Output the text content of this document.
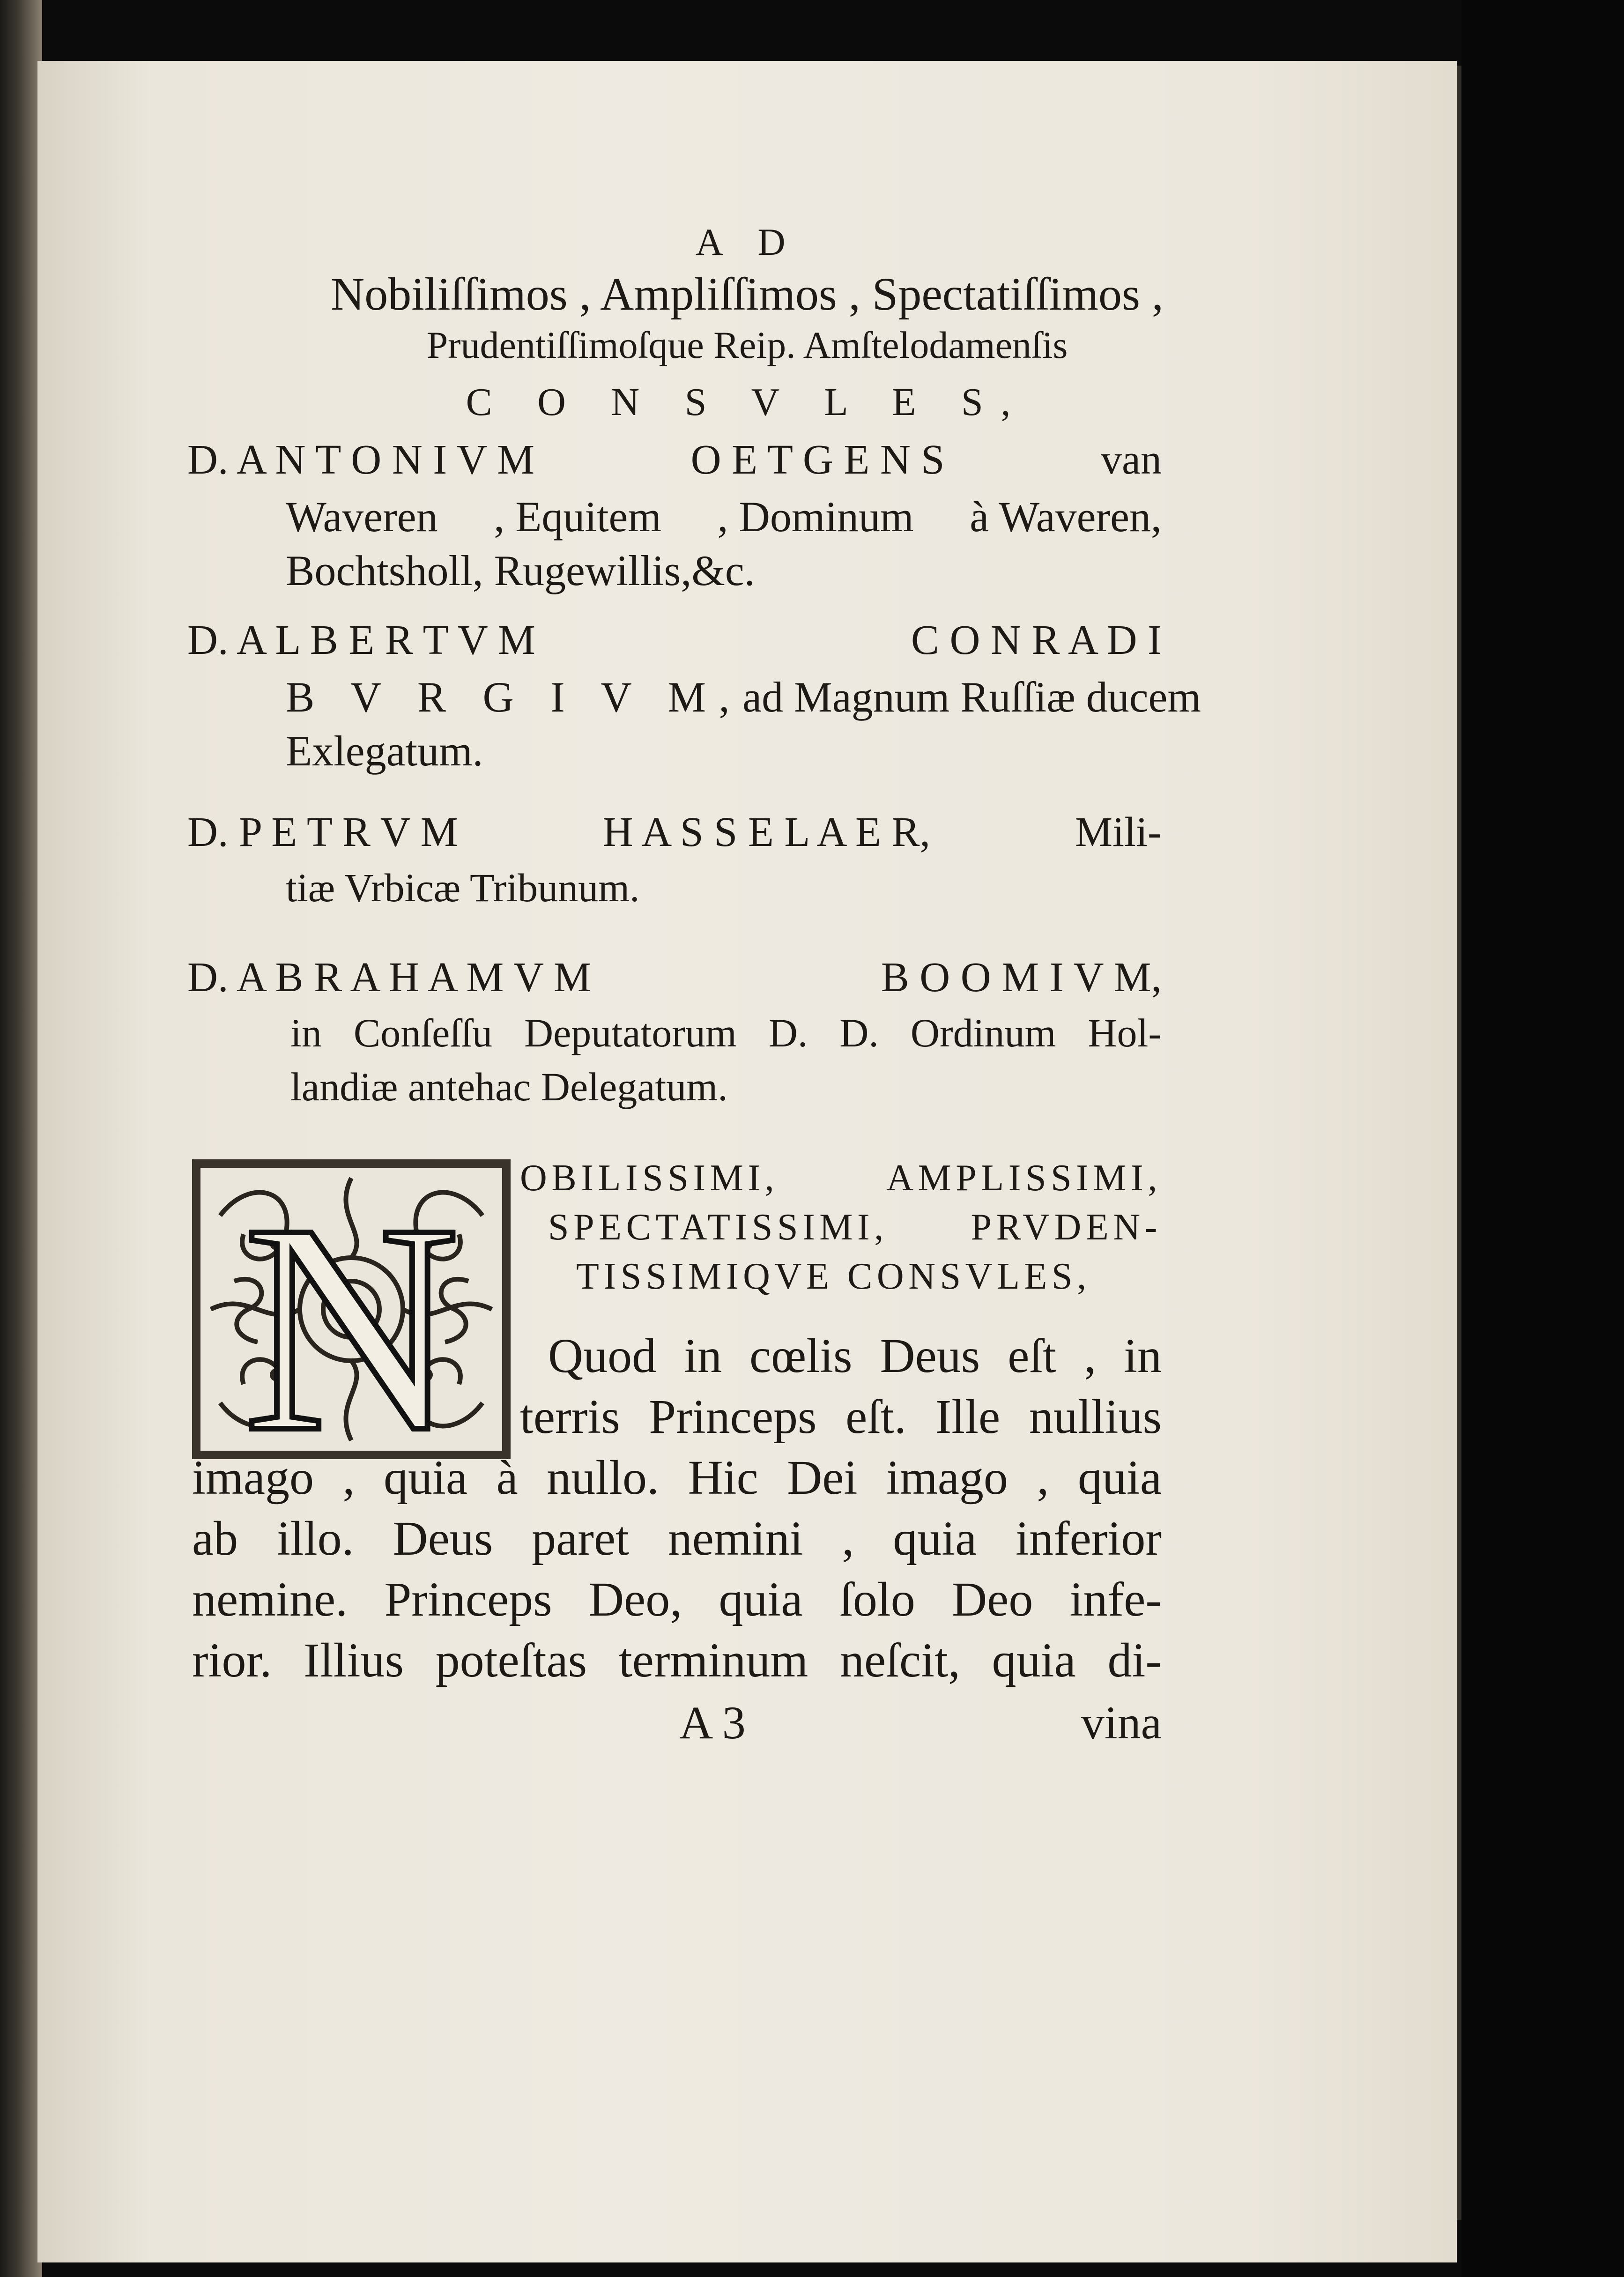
A D
Nobiliſſimos , Ampliſſimos , Spectatiſſimos ,
Prudentiſſimoſque Reip. Amſtelodamenſis
C O N S V L E S,
D. A N T O N I V M	O E T G E N S	van
Waveren , Equitem , Dominum à Waveren,
Bochtsholl, Rugewillis,&c.
D. A L B E R T V M	C O N R A D I
B V R G I V M, ad Magnum Ruſſiæ ducem
Exlegatum.
D. P E T R V M	H A S S E L A E R,	Mili-
tiæ Vrbicæ Tribunum.
D. A B R A H A M V M	B O O M I V M,
in Conſeſſu Deputatorum D. D. Ordinum Hol-
landiæ antehac Delegatum.
N OBILISSIMI, AMPLISSIMI,
SPECTATISSIMI, PRVDEN-
TISSIMIQVE CONSVLES,
Quod in cœlis Deus eſt , in
terris Princeps eſt. Ille nullius
imago , quia à nullo. Hic Dei imago , quia
ab illo. Deus paret nemini , quia inferior
nemine. Princeps Deo, quia ſolo Deo infe-
rior. Illius poteſtas terminum neſcit, quia di-
A 3	vina
